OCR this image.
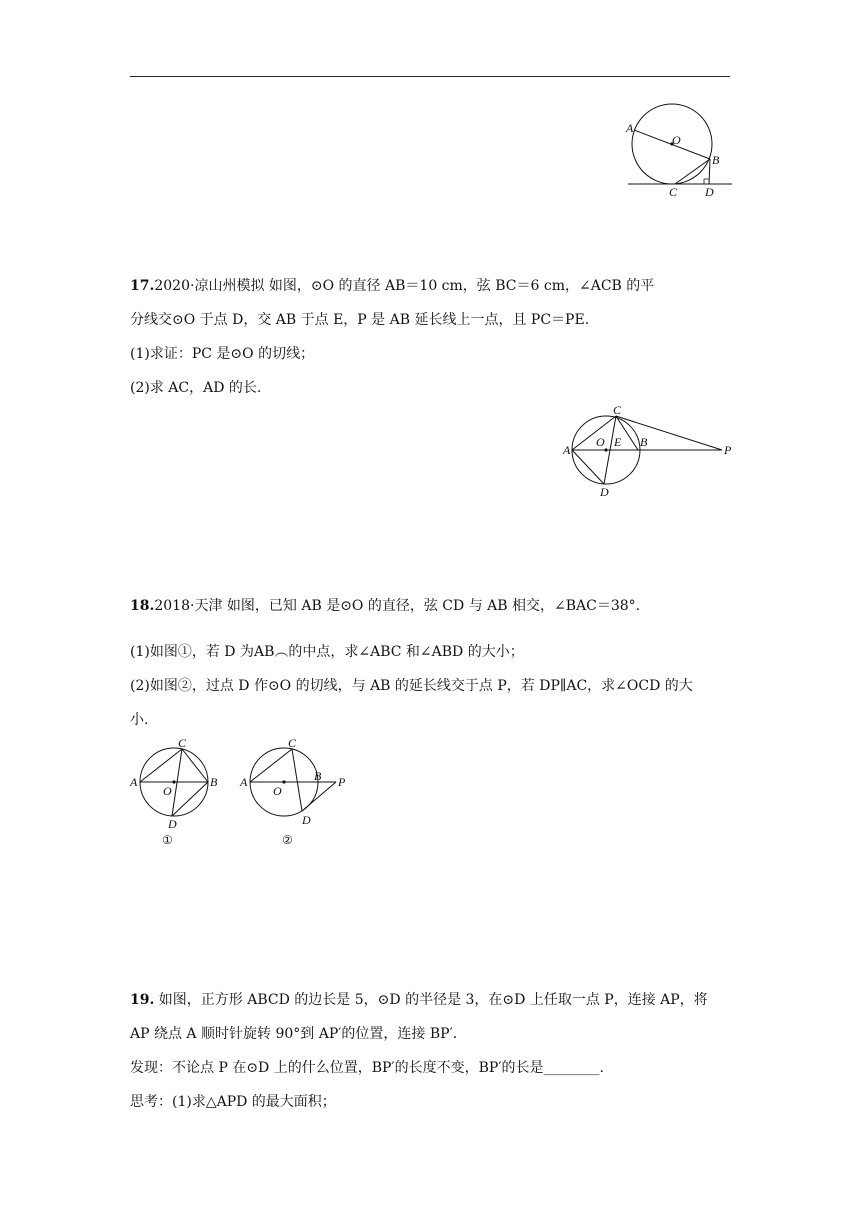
A
O
B
C D
17.2020·凉山州模拟 如图，⊙O 的直径 AB＝10 cm，弦 BC＝6 cm，∠ACB 的平
分线交⊙O 于点 D，交 AB 于点 E，P 是 AB 延长线上一点，且 PC＝PE.
(1)求证：PC 是⊙O 的切线；
(2)求 AC，AD 的长.
C
O E B
A	P
D
18.2018·天津 如图，已知 AB 是⊙O 的直径，弦 CD 与 AB 相交，∠BAC＝38°.
(1)如图①，若 D 为AB︵的中点，求∠ABC 和∠ABD 的大小；
(2)如图②，过点 D 作⊙O 的切线，与 AB 的延长线交于点 P，若 DP∥AC，求∠OCD 的大
小.
C
A
O
B
D
①
C
A
O
B P
D
②
19. 如图，正方形 ABCD 的边长是 5，⊙D 的半径是 3，在⊙D 上任取一点 P，连接 AP，将
AP 绕点 A 顺时针旋转 90°到 AP′的位置，连接 BP′.
发现：不论点 P 在⊙D 上的什么位置，BP′的长度不变，BP′的长是________.
思考：(1)求△APD 的最大面积；
